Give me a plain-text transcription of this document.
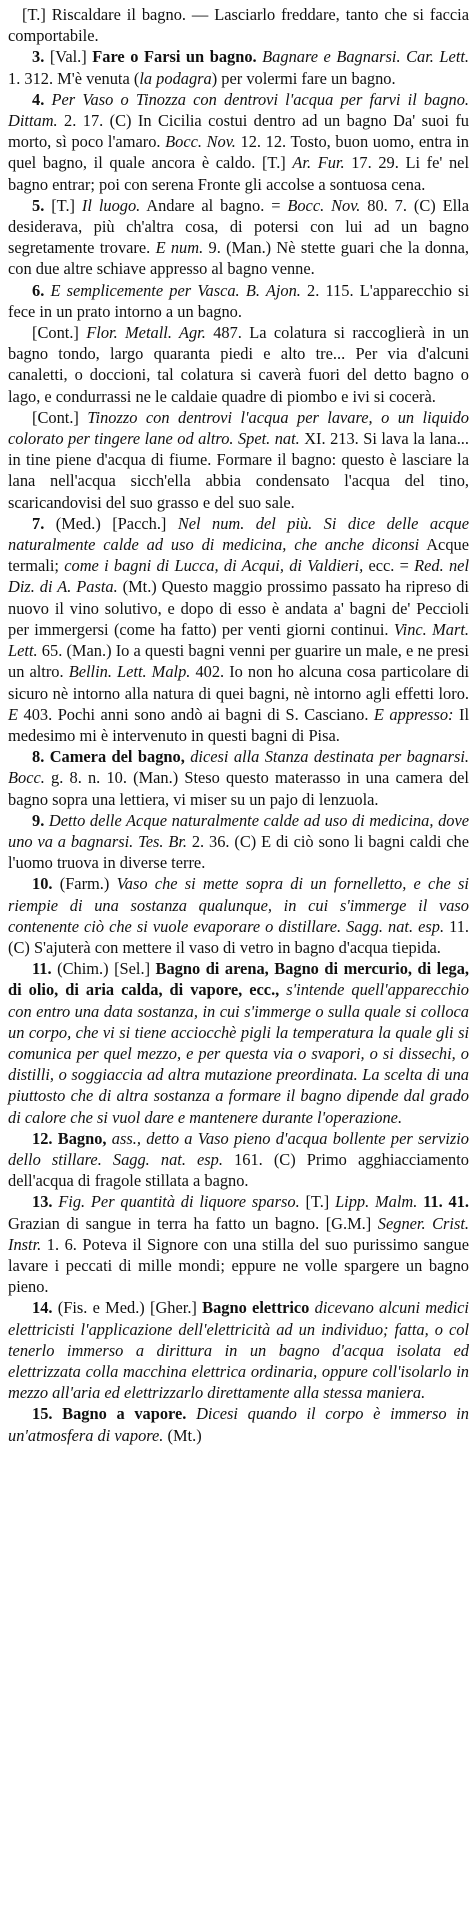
[T.] Riscaldare il bagno. — Lasciarlo freddare, tanto che si faccia comportabile.

3. [Val.] Fare o Farsi un bagno. Bagnare e Bagnarsi. Car. Lett. 1. 312. M'è venuta (la podagra) per volermi fare un bagno.

4. Per Vaso o Tinozza con dentrovi l'acqua per farvi il bagno. Dittam. 2. 17. (C) In Cicilia costui dentro ad un bagno Da' suoi fu morto, sì poco l'amaro. Bocc. Nov. 12. 12. Tosto, buon uomo, entra in quel bagno, il quale ancora è caldo. [T.] Ar. Fur. 17. 29. Li fe' nel bagno entrar; poi con serena Fronte gli accolse a sontuosa cena.

5. [T.] Il luogo. Andare al bagno. = Bocc. Nov. 80. 7. (C) Ella desiderava, più ch'altra cosa, di potersi con lui ad un bagno segretamente trovare. E num. 9. (Man.) Nè stette guari che la donna, con due altre schiave appresso al bagno venne.

6. E semplicemente per Vasca. B. Ajon. 2. 115. L'apparecchio si fece in un prato intorno a un bagno.

[Cont.] Flor. Metall. Agr. 487. La colatura si raccoglierà in un bagno tondo, largo quaranta piedi e alto tre... Per via d'alcuni canaletti, o doccioni, tal colatura si caverà fuori del detto bagno o lago, e condurrassi ne le caldaie quadre di piombo e ivi si cocerà.

[Cont.] Tinozzo con dentrovi l'acqua per lavare, o un liquido colorato per tingere lane od altro. Spet. nat. XI. 213. Si lava la lana... in tine piene d'acqua di fiume. Formare il bagno: questo è lasciare la lana nell'acqua sicch'ella abbia condensato l'acqua del tino, scaricandovisi del suo grasso e del suo sale.

7. (Med.) [Pacch.] Nel num. del più. Si dice delle acque naturalmente calde ad uso di medicina, che anche diconsi Acque termali; come i bagni di Lucca, di Acqui, di Valdieri, ecc. = Red. nel Diz. di A. Pasta. (Mt.) Questo maggio prossimo passato ha ripreso di nuovo il vino solutivo, e dopo di esso è andata a' bagni de' Peccioli per immergersi (come ha fatto) per venti giorni continui. Vinc. Mart. Lett. 65. (Man.) Io a questi bagni venni per guarire un male, e ne presi un altro. Bellin. Lett. Malp. 402. Io non ho alcuna cosa particolare di sicuro nè intorno alla natura di quei bagni, nè intorno agli effetti loro. E 403. Pochi anni sono andò ai bagni di S. Casciano. E appresso: Il medesimo mi è intervenuto in questi bagni di Pisa.

8. Camera del bagno, dicesi alla Stanza destinata per bagnarsi. Bocc. g. 8. n. 10. (Man.) Steso questo materasso in una camera del bagno sopra una lettiera, vi miser su un pajo di lenzuola.

9. Detto delle Acque naturalmente calde ad uso di medicina, dove uno va a bagnarsi. Tes. Br. 2. 36. (C) E di ciò sono li bagni caldi che l'uomo truova in diverse terre.

10. (Farm.) Vaso che si mette sopra di un fornelletto, e che si riempie di una sostanza qualunque, in cui s'immerge il vaso contenente ciò che si vuole evaporare o distillare. Sagg. nat. esp. 11. (C) S'ajuterà con mettere il vaso di vetro in bagno d'acqua tiepida.

11. (Chim.) [Sel.] Bagno di arena, Bagno di mercurio, di lega, di olio, di aria calda, di vapore, ecc., s'intende quell'apparecchio con entro una data sostanza, in cui s'immerge o sulla quale si colloca un corpo, che vi si tiene acciocchè pigli la temperatura la quale gli si comunica per quel mezzo, e per questa via o svapori, o si dissechi, o distilli, o soggiaccia ad altra mutazione preordinata. La scelta di una piuttosto che di altra sostanza a formare il bagno dipende dal grado di calore che si vuol dare e mantenere durante l'operazione.

12. Bagno, ass., detto a Vaso pieno d'acqua bollente per servizio dello stillare. Sagg. nat. esp. 161. (C) Primo agghiacciamento dell'acqua di fragole stillata a bagno.

13. Fig. Per quantità di liquore sparso. [T.] Lipp. Malm. 11. 41. Grazian di sangue in terra ha fatto un bagno. [G.M.] Segner. Crist. Instr. 1. 6. Poteva il Signore con una stilla del suo purissimo sangue lavare i peccati di mille mondi; eppure ne volle spargere un bagno pieno.

14. (Fis. e Med.) [Gher.] Bagno elettrico dicevano alcuni medici elettricisti l'applicazione dell'elettricità ad un individuo; fatta, o col tenerlo immerso a dirittura in un bagno d'acqua isolata ed elettrizzata colla macchina elettrica ordinaria, oppure coll'isolarlo in mezzo all'aria ed elettrizzarlo direttamente alla stessa maniera.

15. Bagno a vapore. Dicesi quando il corpo è immerso in un'atmosfera di vapore. (Mt.)
